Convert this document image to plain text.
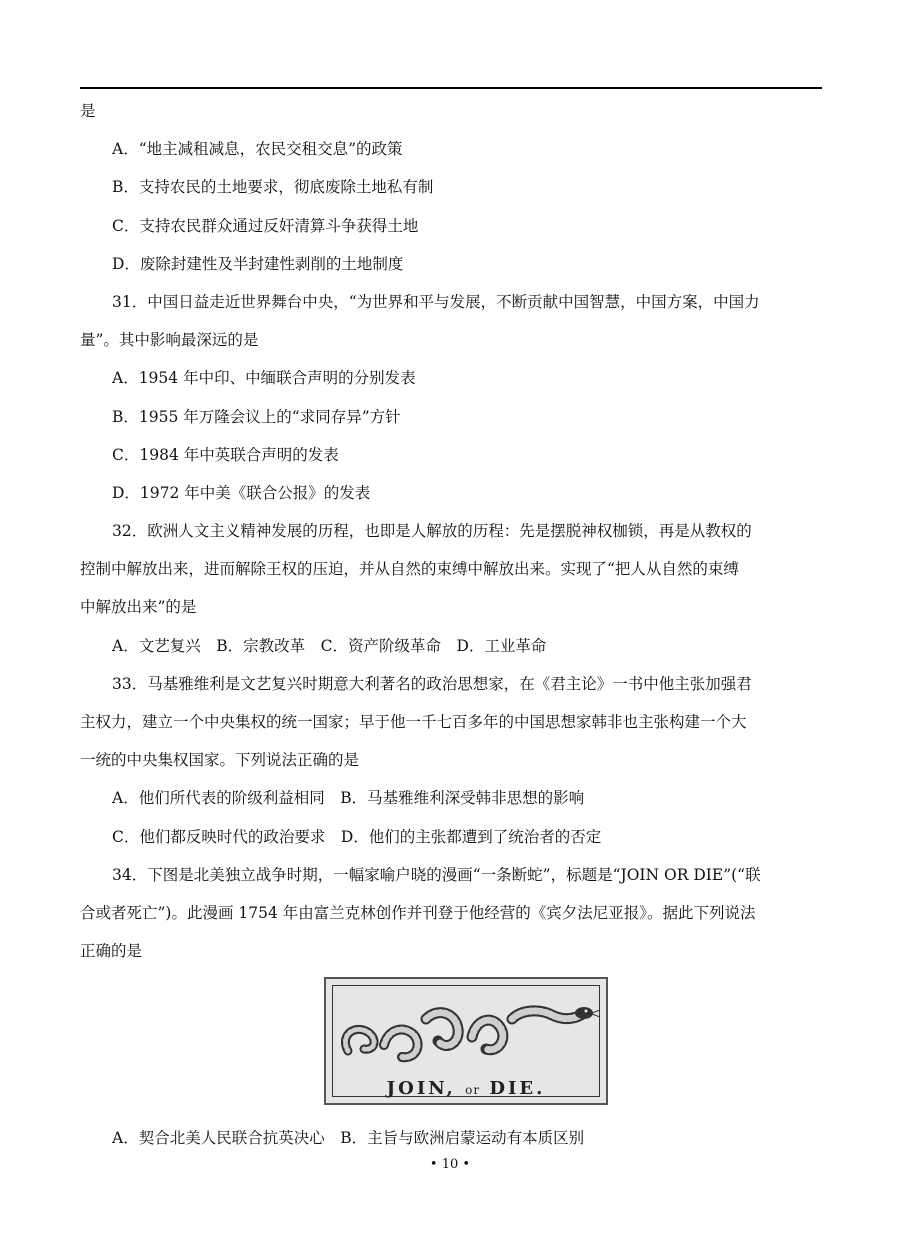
是
A．“地主减租减息，农民交租交息”的政策
B．支持农民的土地要求，彻底废除土地私有制
C．支持农民群众通过反奸清算斗争获得土地
D．废除封建性及半封建性剥削的土地制度
31．中国日益走近世界舞台中央，“为世界和平与发展，不断贡献中国智慧，中国方案，中国力
量”。其中影响最深远的是
A．1954 年中印、中缅联合声明的分别发表
B．1955 年万隆会议上的“求同存异”方针
C．1984 年中英联合声明的发表
D．1972 年中美《联合公报》的发表
32．欧洲人文主义精神发展的历程，也即是人解放的历程：先是摆脱神权枷锁，再是从教权的
控制中解放出来，进而解除王权的压迫，并从自然的束缚中解放出来。实现了“把人从自然的束缚
中解放出来”的是
A．文艺复兴　B．宗教改革　C．资产阶级革命　D．工业革命
33．马基雅维利是文艺复兴时期意大利著名的政治思想家，在《君主论》一书中他主张加强君
主权力，建立一个中央集权的统一国家；早于他一千七百多年的中国思想家韩非也主张构建一个大
一统的中央集权国家。下列说法正确的是
A．他们所代表的阶级利益相同　B．马基雅维利深受韩非思想的影响
C．他们都反映时代的政治要求　D．他们的主张都遭到了统治者的否定
34．下图是北美独立战争时期，一幅家喻户晓的漫画“一条断蛇”，标题是“JOIN OR DIE”(“联
合或者死亡”)。此漫画 1754 年由富兰克林创作并刊登于他经营的《宾夕法尼亚报》。据此下列说法
正确的是
JOIN, or DIE.
A．契合北美人民联合抗英决心　B．主旨与欧洲启蒙运动有本质区别
• 10 •
